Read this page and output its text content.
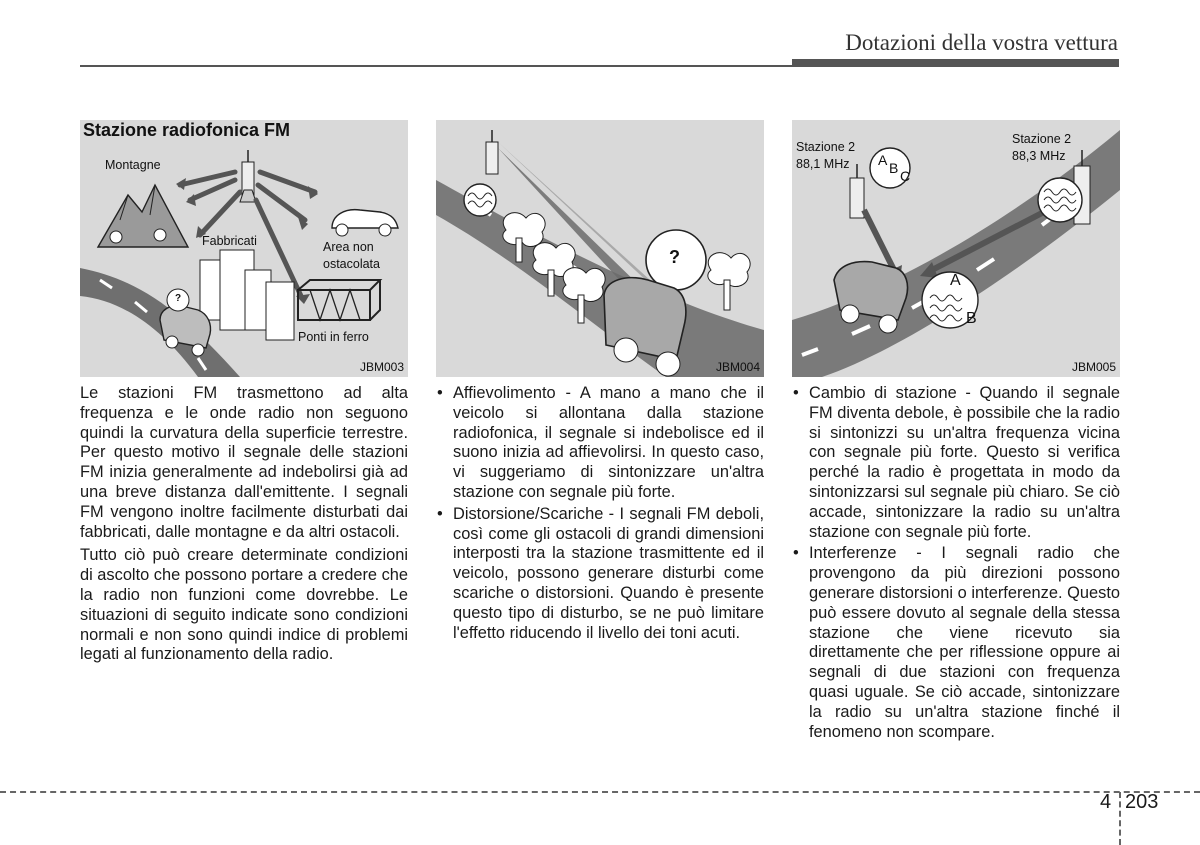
Dotazioni della vostra vettura
Stazione radiofonica FM
Montagne
Fabbricati	Area non
ostacolata
Ponti in ferro
?
JBM003
?
JBM004
Stazione 2
88,1 MHz
Stazione 2
88,3 MHz
A B C
A
B
JBM005

Le stazioni FM trasmettono ad alta frequenza e le onde radio non seguono quindi la curvatura della superficie terrestre. Per questo motivo il segnale delle stazioni FM inizia generalmente ad indebolirsi già ad una breve distanza dall'emittente. I segnali FM vengono inoltre facilmente disturbati dai fabbricati, dalle montagne e da altri ostacoli.

Tutto ciò può creare determinate condizioni di ascolto che possono portare a credere che la radio non funzioni come dovrebbe. Le situazioni di seguito indicate sono condizioni normali e non sono quindi indice di problemi legati al funzionamento della radio.

• Affievolimento - A mano a mano che il veicolo si allontana dalla stazione radiofonica, il segnale si indebolisce ed il suono inizia ad affievolirsi. In questo caso, vi suggeriamo di sintonizzare un'altra stazione con segnale più forte.
• Distorsione/Scariche - I segnali FM deboli, così come gli ostacoli di grandi dimensioni interposti tra la stazione trasmittente ed il veicolo, possono generare disturbi come scariche o distorsioni. Quando è presente questo tipo di disturbo, se ne può limitare l'effetto riducendo il livello dei toni acuti.
• Cambio di stazione - Quando il segnale FM diventa debole, è possibile che la radio si sintonizzi su un'altra frequenza vicina con segnale più forte. Questo si verifica perché la radio è progettata in modo da sintonizzarsi sul segnale più chiaro. Se ciò accade, sintonizzare la radio su un'altra stazione con segnale più forte.
• Interferenze - I segnali radio che provengono da più direzioni possono generare distorsioni o interferenze. Questo può essere dovuto al segnale della stessa stazione che viene ricevuto sia direttamente che per riflessione oppure ai segnali di due stazioni con frequenza quasi uguale. Se ciò accade, sintonizzare la radio su un'altra stazione finché il fenomeno non scompare.
4 203
